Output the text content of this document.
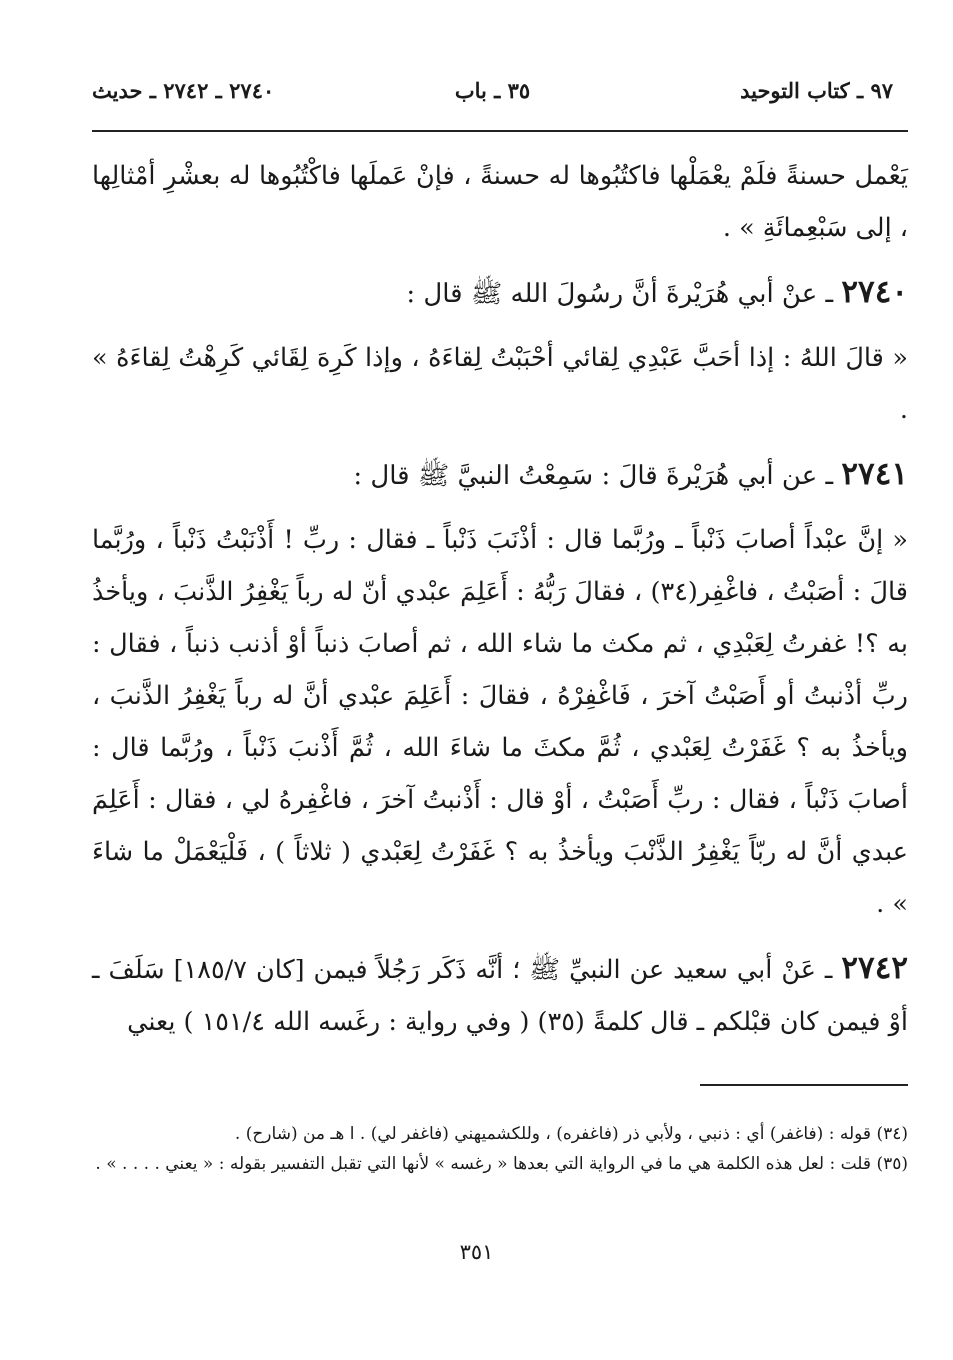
٩٧ ـ كتاب التوحيد
٣٥ ـ باب
٢٧٤٠ ـ ٢٧٤٢ ـ حديث

يَعْمل حسنةً فلَمْ يعْمَلْها فاكتُبُوها له حسنةً ، فإنْ عَملَها فاكْتُبُوها له بعشْرِ أمْثالِها ، إلى سَبْعِمائَةِ » .

٢٧٤٠ ـ عنْ أبي هُرَيْرةَ أنَّ رسُولَ الله ﷺ قال :

« قالَ اللهُ : إذا أحَبَّ عَبْدِي لِقائي أحْبَبْتُ لِقاءَهُ ، وإذا كَرِهَ لِقَائي كَرِهْتُ لِقاءَهُ » .

٢٧٤١ ـ عن أبي هُرَيْرةَ قالَ : سَمِعْتُ النبيَّ ﷺ قال :

« إنَّ عبْداً أصابَ ذَنْباً ـ ورُبَّما قال : أذْنَبَ ذَنْباً ـ فقال : ربِّ ! أَذْنَبْتُ ذَنْباً ، ورُبَّما قالَ : أصَبْتُ ، فاغْفِر(٣٤) ، فقالَ رَبُّهُ : أَعَلِمَ عبْدي أنّ له رباً يَغْفِرُ الذَّنبَ ، ويأخذُ به ؟! غفرتُ لِعَبْدِي ، ثم مكث ما شاء الله ، ثم أصابَ ذنباً أوْ أذنب ذنباً ، فقال : ربِّ أذْنبتُ أو أَصَبْتُ آخرَ ، فَاغْفِرْهُ ، فقالَ : أَعَلِمَ عبْدي أنَّ له رباً يَغْفِرُ الذَّنبَ ، ويأخذُ به ؟ غَفَرْتُ لِعَبْدي ، ثُمَّ مكثَ ما شاءَ الله ، ثُمَّ أَذْنبَ ذَنْباً ، ورُبَّما قال : أصابَ ذَنْباً ، فقال : ربِّ أَصَبْتُ ، أوْ قال : أَذْنبتُ آخرَ ، فاغْفِرهُ لي ، فقال : أَعَلِمَ عبدي أنَّ له ربّاً يَغْفِرُ الذَّنْبَ ويأخذُ به ؟ غَفَرْتُ لِعَبْدي ( ثلاثاً ) ، فَلْيَعْمَلْ ما شاءَ » .

٢٧٤٢ ـ عَنْ أبي سعيد عن النبيِّ ﷺ ؛ أنَّه ذَكَر رَجُلاً فيمن [كان ١٨٥/٧] سَلَفَ ـ أوْ فيمن كان قبْلكم ـ قال كلمةً (٣٥) ( وفي رواية : رغَسه الله ١٥١/٤ ) يعني

(٣٤) قوله : (فاغفر) أي : ذنبي ، ولأبي ذر (فاغفره) ، وللكشميهني (فاغفر لي) . ا هـ من (شارح) .

(٣٥) قلت : لعل هذه الكلمة هي ما في الرواية التي بعدها « رغسه » لأنها التي تقبل التفسير بقوله : « يعني . . . . » .

٣٥١
